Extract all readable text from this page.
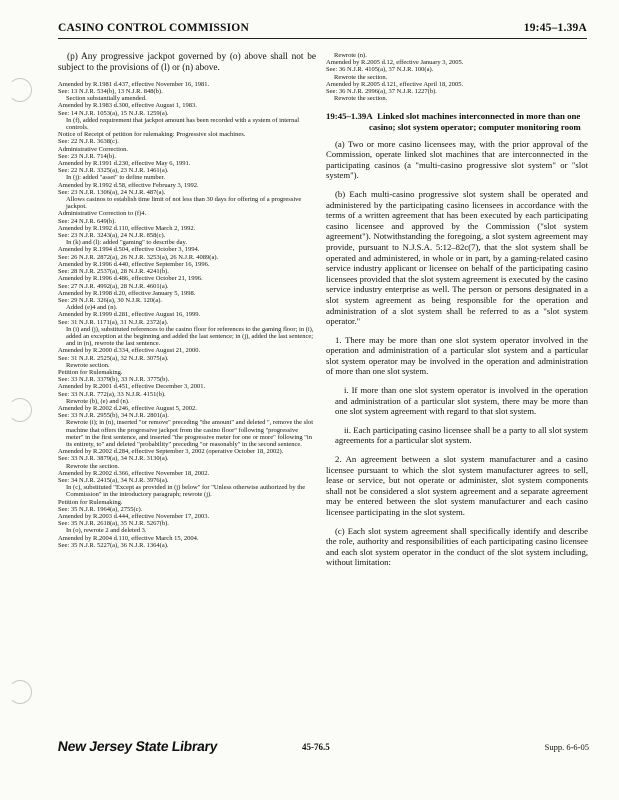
CASINO CONTROL COMMISSION	19:45–1.39A

(p) Any progressive jackpot governed by (o) above shall not be subject to the provisions of (l) or (n) above.

Amended by R.1981 d.437, effective November 16, 1981.
See: 13 N.J.R. 534(b), 13 N.J.R. 848(b).
Section substantially amended.
Amended by R.1983 d.300, effective August 1, 1983.
See: 14 N.J.R. 1053(a), 15 N.J.R. 1259(a).
In (f), added requirement that jackpot amount has been recorded with a system of internal controls.
Notice of Receipt of petition for rulemaking: Progressive slot machines.
See: 22 N.J.R. 3638(c).
Administrative Correction.
See: 23 N.J.R. 714(b).
Amended by R.1991 d.230, effective May 6, 1991.
See: 22 N.J.R. 3325(a), 23 N.J.R. 1461(a).
In (j): added "asset" to define number.
Amended by R.1992 d.58, effective February 3, 1992.
See: 23 N.J.R. 1306(a), 24 N.J.R. 487(a).
Allows casinos to establish time limit of not less than 30 days for offering of a progressive jackpot.
Administrative Correction to (f)4.
See: 24 N.J.R. 649(b).
Amended by R.1992 d.110, effective March 2, 1992.
See: 23 N.J.R. 3243(a), 24 N.J.R. 858(c).
In (k) and (l): added "gaming" to describe day.
Amended by R.1994 d.504, effective October 3, 1994.
See: 26 N.J.R. 2872(a), 26 N.J.R. 3253(a), 26 N.J.R. 4089(a).
Amended by R.1996 d.440, effective September 16, 1996.
See: 28 N.J.R. 2537(a), 28 N.J.R. 4241(b).
Amended by R.1996 d.486, effective October 21, 1996.
See: 27 N.J.R. 4992(a), 28 N.J.R. 4601(a).
Amended by R.1998 d.20, effective January 5, 1998.
See: 29 N.J.R. 326(a), 30 N.J.R. 120(a).
Added (e)4 and (n).
Amended by R.1999 d.281, effective August 16, 1999.
See: 31 N.J.R. 1171(a), 31 N.J.R. 2372(a).
In (i) and (j), substituted references to the casino floor for references to the gaming floor; in (i), added an exception at the beginning and added the last sentence; in (j), added the last sentence; and in (n), rewrote the last sentence.
Amended by R.2000 d.334, effective August 21, 2000.
See: 31 N.J.R. 2525(a), 32 N.J.R. 3075(a).
Rewrote section.
Petition for Rulemaking.
See: 33 N.J.R. 3379(b), 33 N.J.R. 3775(b).
Amended by R.2001 d.451, effective December 3, 2001.
See: 33 N.J.R. 772(a), 33 N.J.R. 4151(b).
Rewrote (b), (e) and (n).
Amended by R.2002 d.246, effective August 5, 2002.
See: 33 N.J.R. 2955(b), 34 N.J.R. 2801(a).
Rewrote (i); in (n), inserted "or remove" preceding "the amount" and deleted ", remove the slot machine that offers the progressive jackpot from the casino floor" following "progressive meter" in the first sentence, and inserted "the progressive meter for one or more" following "in its entirety, to" and deleted "probability" preceding "or reasonably" in the second sentence.
Amended by R.2002 d.284, effective September 3, 2002 (operative October 18, 2002).
See: 33 N.J.R. 3879(a), 34 N.J.R. 3130(a).
Rewrote the section.
Amended by R.2002 d.366, effective November 18, 2002.
See: 34 N.J.R. 2415(a), 34 N.J.R. 3976(a).
In (c), substituted "Except as provided in (j) below" for "Unless otherwise authorized by the Commission" in the introductory paragraph; rewrote (j).
Petition for Rulemaking.
See: 35 N.J.R. 1964(a), 2755(c).
Amended by R.2003 d.444, effective November 17, 2003.
See: 35 N.J.R. 2618(a), 35 N.J.R. 5267(b).
In (o), rewrote 2 and deleted 3.
Amended by R.2004 d.110, effective March 15, 2004.
See: 35 N.J.R. 5227(a), 36 N.J.R. 1364(a).
Rewrote (n).
Amended by R.2005 d.12, effective January 3, 2005.
See: 36 N.J.R. 4105(a), 37 N.J.R. 100(a).
Rewrote the section.
Amended by R.2005 d.121, effective April 18, 2005.
See: 36 N.J.R. 2996(a), 37 N.J.R. 1227(b).
Rewrote the section.
19:45–1.39A Linked slot machines interconnected in more than one casino; slot system operator; computer monitoring room

(a) Two or more casino licensees may, with the prior approval of the Commission, operate linked slot machines that are interconnected in the participating casinos (a "multi-casino progressive slot system" or "slot system").

(b) Each multi-casino progressive slot system shall be operated and administered by the participating casino licensees in accordance with the terms of a written agreement that has been executed by each participating casino licensee and approved by the Commission ("slot system agreement"). Notwithstanding the foregoing, a slot system agreement may provide, pursuant to N.J.S.A. 5:12–82c(7), that the slot system shall be operated and administered, in whole or in part, by a gaming-related casino service industry applicant or licensee on behalf of the participating casino licensees provided that the slot system agreement is executed by the casino service industry enterprise as well. The person or persons designated in a slot system agreement as being responsible for the operation and administration of a slot system shall be referred to as a "slot system operator."

1. There may be more than one slot system operator involved in the operation and administration of a particular slot system and a particular slot system operator may be involved in the operation and administration of more than one slot system.

i. If more than one slot system operator is involved in the operation and administration of a particular slot system, there may be more than one slot system agreement with regard to that slot system.

ii. Each participating casino licensee shall be a party to all slot system agreements for a particular slot system.

2. An agreement between a slot system manufacturer and a casino licensee pursuant to which the slot system manufacturer agrees to sell, lease or service, but not operate or administer, slot system components shall not be considered a slot system agreement and a separate agreement may be entered between the slot system manufacturer and each casino licensee participating in the slot system.

(c) Each slot system agreement shall specifically identify and describe the role, authority and responsibilities of each participating casino licensee and each slot system operator in the conduct of the slot system including, without limitation:

New Jersey State Library	45-76.5	Supp. 6-6-05
